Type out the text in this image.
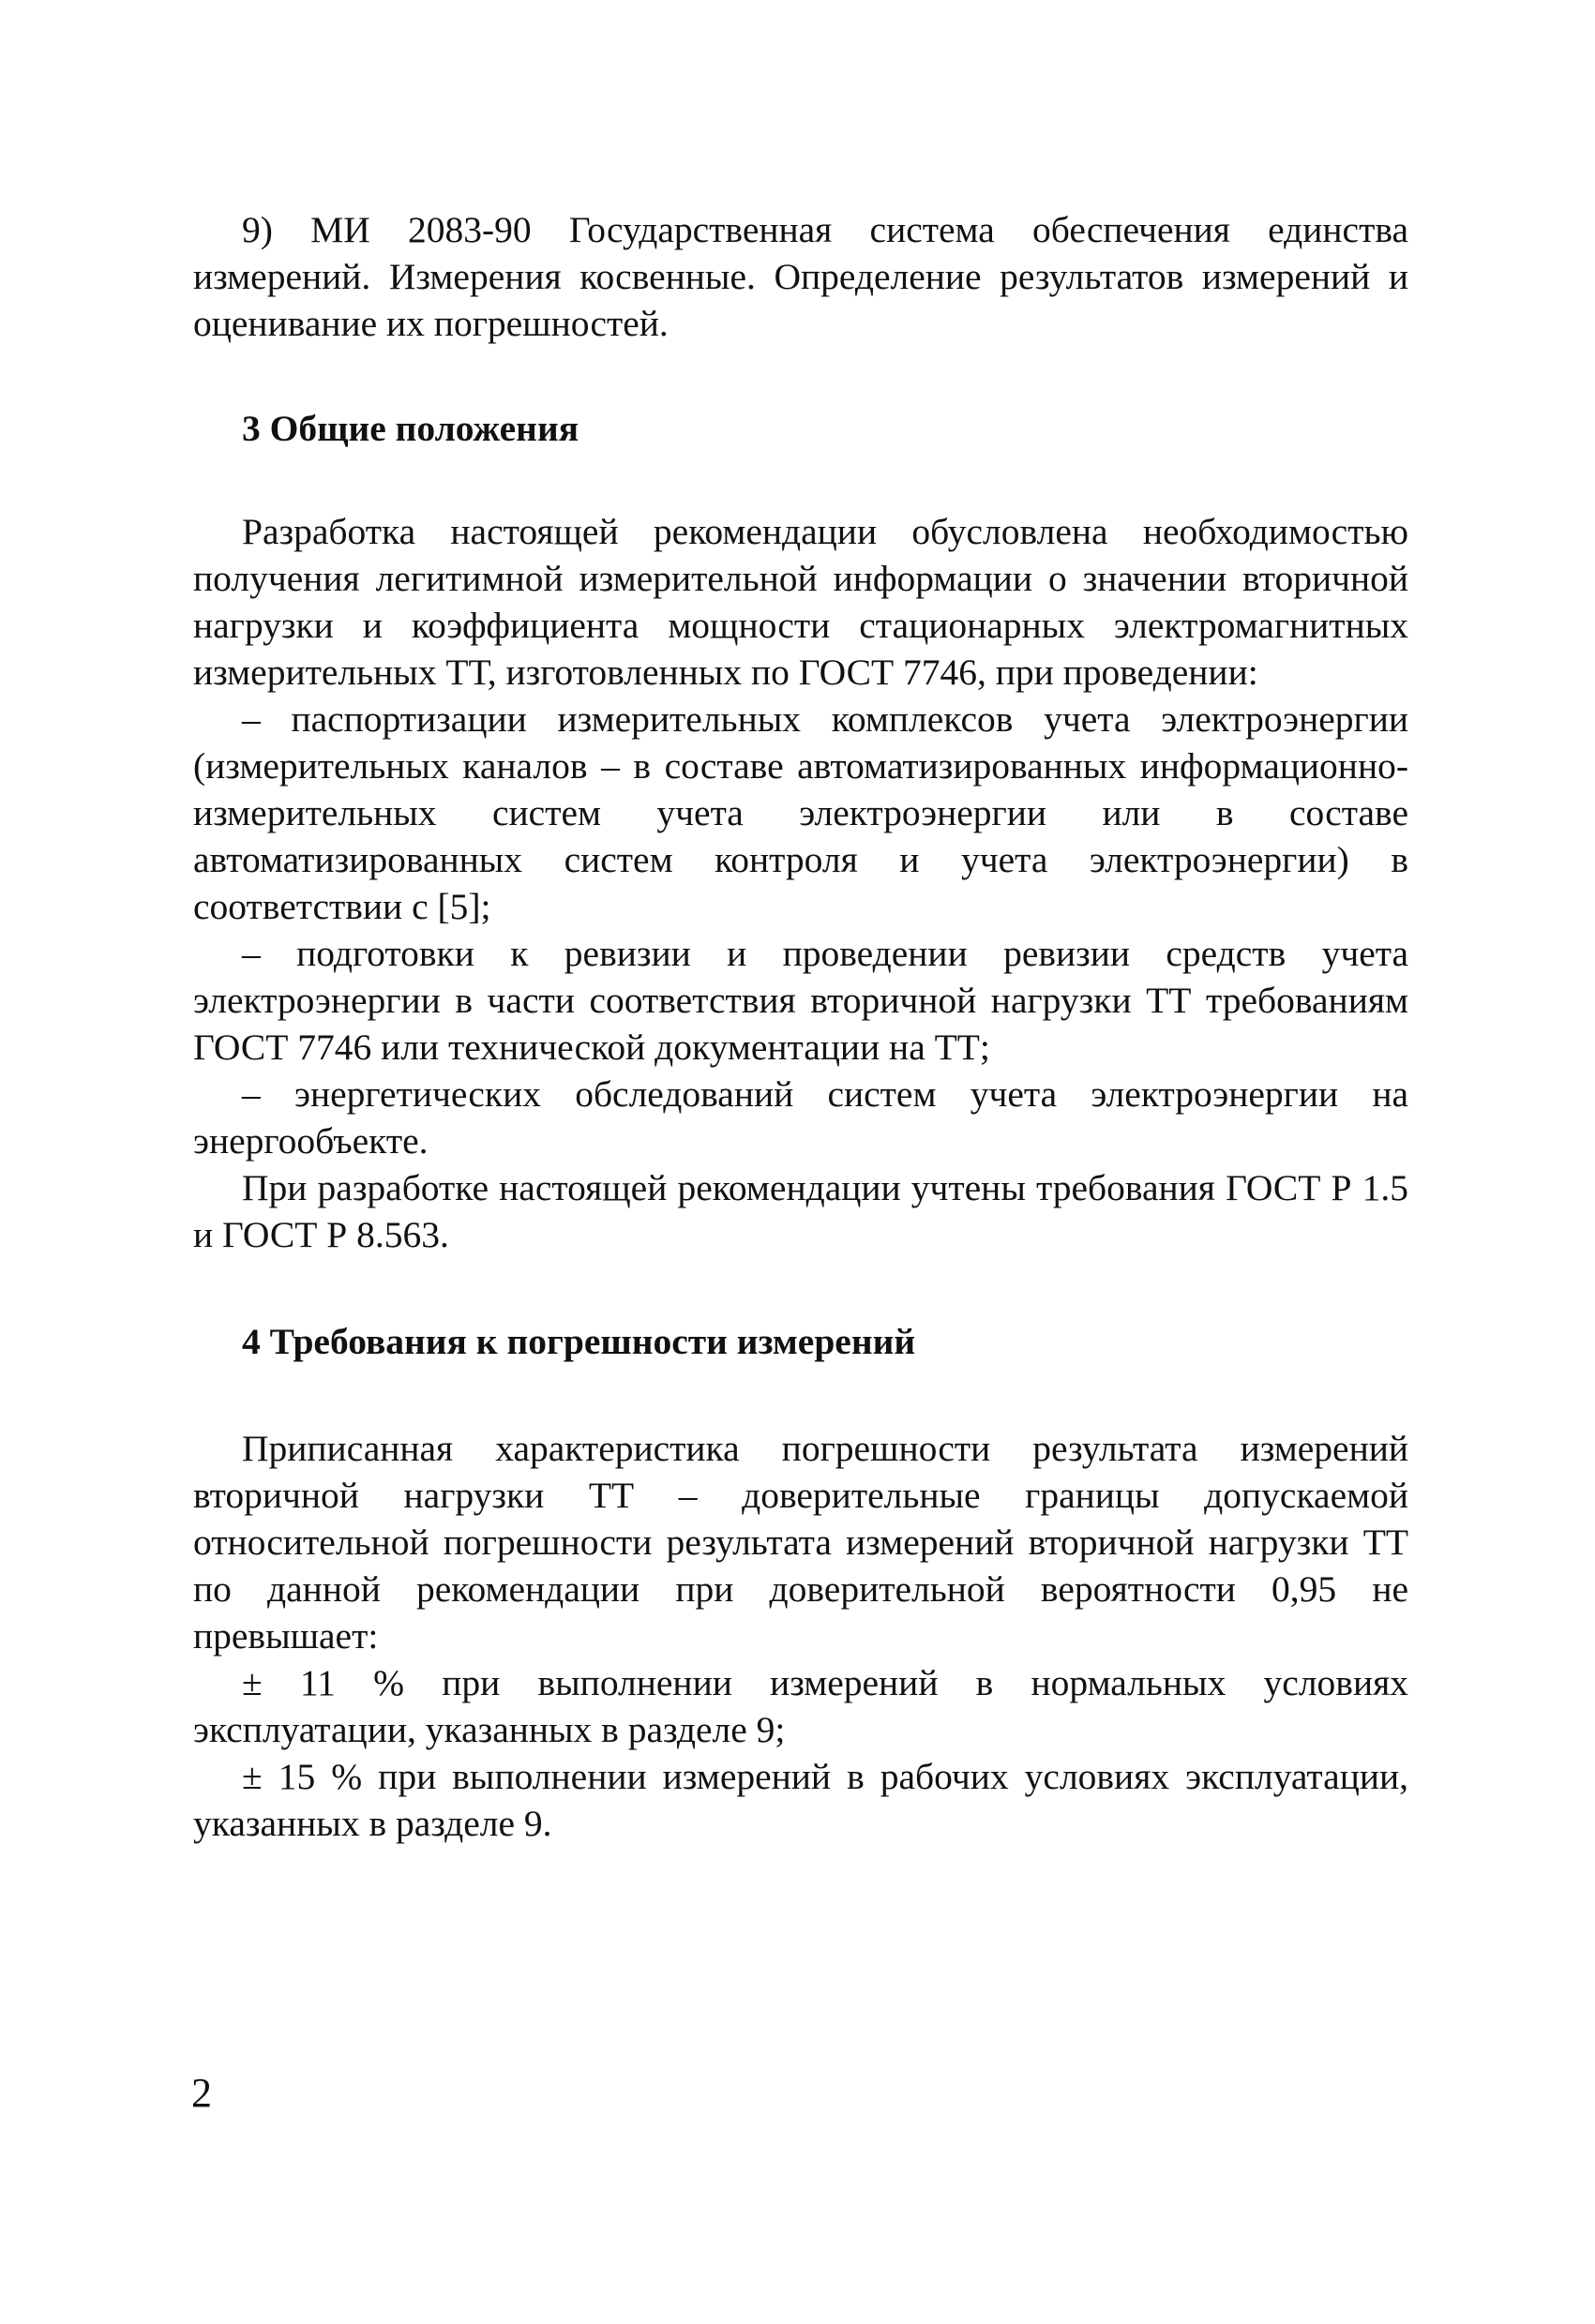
9) МИ 2083-90 Государственная система обеспечения единства измерений. Измерения косвенные. Определение результатов измерений и оценивание их погрешностей.

3 Общие положения

Разработка настоящей рекомендации обусловлена необходимостью получения легитимной измерительной информации о значении вторичной нагрузки и коэффициента мощности стационарных электромагнитных измерительных ТТ, изготовленных по ГОСТ 7746, при проведении:

– паспортизации измерительных комплексов учета электроэнергии (измерительных каналов – в составе автоматизированных информационно-измерительных систем учета электроэнергии или в составе автоматизированных систем контроля и учета электроэнергии) в соответствии с [5];

– подготовки к ревизии и проведении ревизии средств учета электроэнергии в части соответствия вторичной нагрузки ТТ требованиям ГОСТ 7746 или технической документации на ТТ;

– энергетических обследований систем учета электроэнергии на энергообъекте.

При разработке настоящей рекомендации учтены требования ГОСТ Р 1.5 и ГОСТ Р 8.563.

4 Требования к погрешности измерений

Приписанная характеристика погрешности результата измерений вторичной нагрузки ТТ – доверительные границы допускаемой относительной погрешности результата измерений вторичной нагрузки ТТ по данной рекомендации при доверительной вероятности 0,95 не превышает:

± 11 % при выполнении измерений в нормальных условиях эксплуатации, указанных в разделе 9;

± 15 % при выполнении измерений в рабочих условиях эксплуатации, указанных в разделе 9.

2
